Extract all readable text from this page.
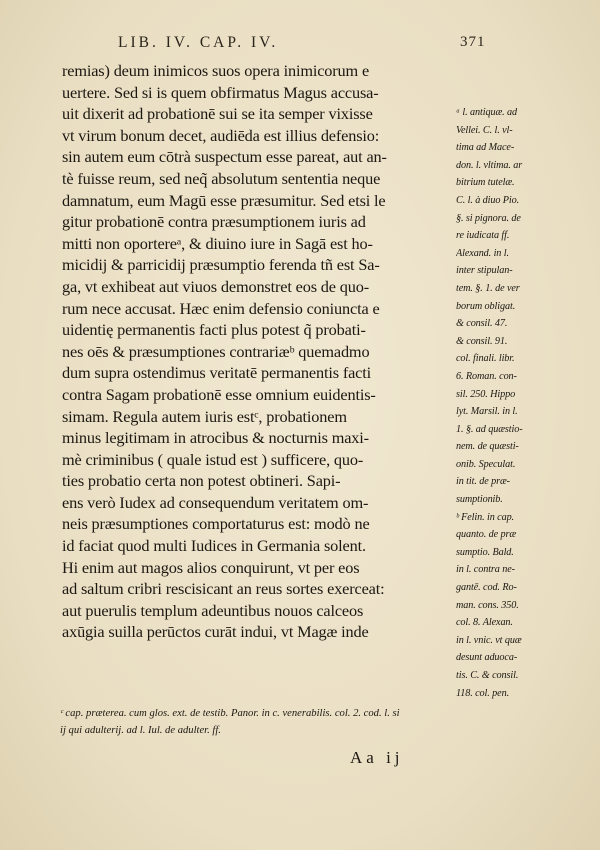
LIB. IV. CAP. IV.	371
remias) deum inimicos suos opera inimicorum e
uertere. Sed si is quem obfirmatus Magus accusa-
uit dixerit ad probationē sui se ita semper vixisse
vt virum bonum decet, audiēda est illius defensio:
sin autem eum cōtrà suspectum esse pareat, aut an-
tè fuisse reum, sed neq̃ absolutum sententia neque
damnatum, eum Magū esse præsumitur. Sed etsi le
gitur probationē contra præsumptionem iuris ad
mitti non oportereᵃ, & diuino iure in Sagā est ho-
micidij & parricidij præsumptio ferenda tñ est Sa-
ga, vt exhibeat aut viuos demonstret eos de quo-
rum nece accusat. Hæc enim defensio coniuncta e
uidentię permanentis facti plus potest q̃ probati-
nes oēs & præsumptiones contrariæᵇ quemadmo
dum supra ostendimus veritatē permanentis facti
contra Sagam probationē esse omnium euidentis-
simam. Regula autem iuris estᶜ, probationem
minus legitimam in atrocibus & nocturnis maxi-
mè criminibus ( quale istud est ) sufficere, quo-
ties probatio certa non potest obtineri. Sapi-
ens verò Iudex ad consequendum veritatem om-
neis præsumptiones comportaturus est: modò ne
id faciat quod multi Iudices in Germania solent.
Hi enim aut magos alios conquirunt, vt per eos
ad saltum cribri rescisicant an reus sortes exerceat:
aut puerulis templum adeuntibus nouos calceos
axūgia suilla perūctos curāt indui, vt Magæ inde
ᵃ l. antiquæ. ad
Vellei. C. l. vl-
tima ad Mace-
don. l. vltima. ar
bitrium tutelæ.
C. l. à diuo Pio.
§. si pignora. de
re iudicata ff.
Alexand. in l.
inter stipulan-
tem. §. 1. de ver
borum obligat.
& consil. 47.
& consil. 91.
col. finali. libr.
6. Roman. con-
sil. 250. Hippo
lyt. Marsil. in l.
1. §. ad quæstio-
nem. de quæsti-
onib. Speculat.
in tit. de præ-
sumptionib.
ᵇ Felin. in cap.
quanto. de præ
sumptio. Bald.
in l. contra ne-
gantē. cod. Ro-
man. cons. 350.
col. 8. Alexan.
in l. vnic. vt quæ
desunt aduoca-
tis. C. & consil.
118. col. pen.
ᶜ cap. præterea. cum glos. ext. de testib. Panor. in c. venerabilis. col. 2. cod. l. si
ij qui adulterij. ad l. Iul. de adulter. ff.
Aa ij
